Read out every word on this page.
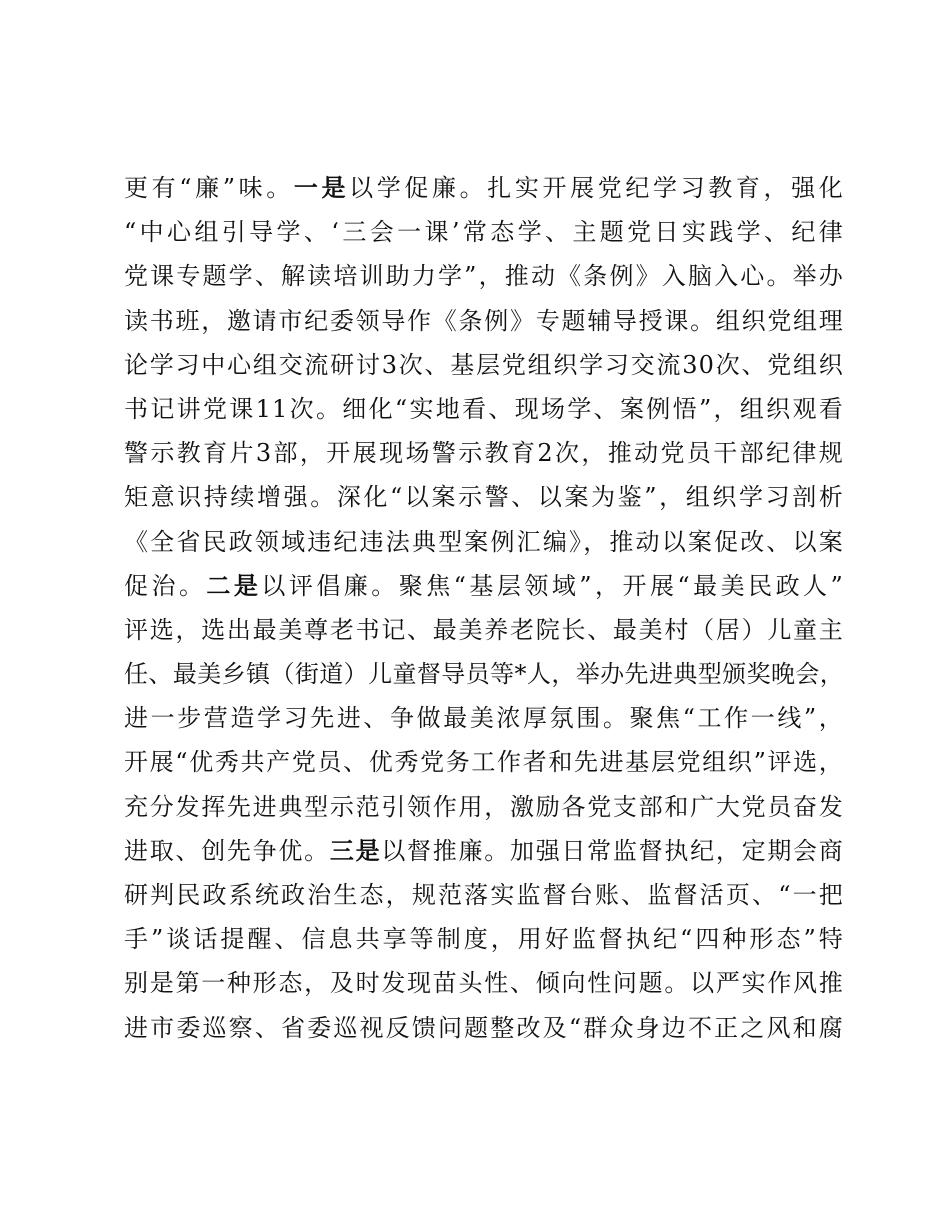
更有“廉”味。一是以学促廉。扎实开展党纪学习教育，强化
“中心组引导学、‘三会一课’常态学、主题党日实践学、纪律
党课专题学、解读培训助力学”，推动《条例》入脑入心。举办
读书班，邀请市纪委领导作《条例》专题辅导授课。组织党组理
论学习中心组交流研讨3次、基层党组织学习交流30次、党组织
书记讲党课11次。细化“实地看、现场学、案例悟”，组织观看
警示教育片3部，开展现场警示教育2次，推动党员干部纪律规
矩意识持续增强。深化“以案示警、以案为鉴”，组织学习剖析
《全省民政领域违纪违法典型案例汇编》，推动以案促改、以案
促治。二是以评倡廉。聚焦“基层领域”，开展“最美民政人”
评选，选出最美尊老书记、最美养老院长、最美村（居）儿童主
任、最美乡镇（街道）儿童督导员等*人，举办先进典型颁奖晚会，
进一步营造学习先进、争做最美浓厚氛围。聚焦“工作一线”，
开展“优秀共产党员、优秀党务工作者和先进基层党组织”评选，
充分发挥先进典型示范引领作用，激励各党支部和广大党员奋发
进取、创先争优。三是以督推廉。加强日常监督执纪，定期会商
研判民政系统政治生态，规范落实监督台账、监督活页、“一把
手”谈话提醒、信息共享等制度，用好监督执纪“四种形态”特
别是第一种形态，及时发现苗头性、倾向性问题。以严实作风推
进市委巡察、省委巡视反馈问题整改及“群众身边不正之风和腐
